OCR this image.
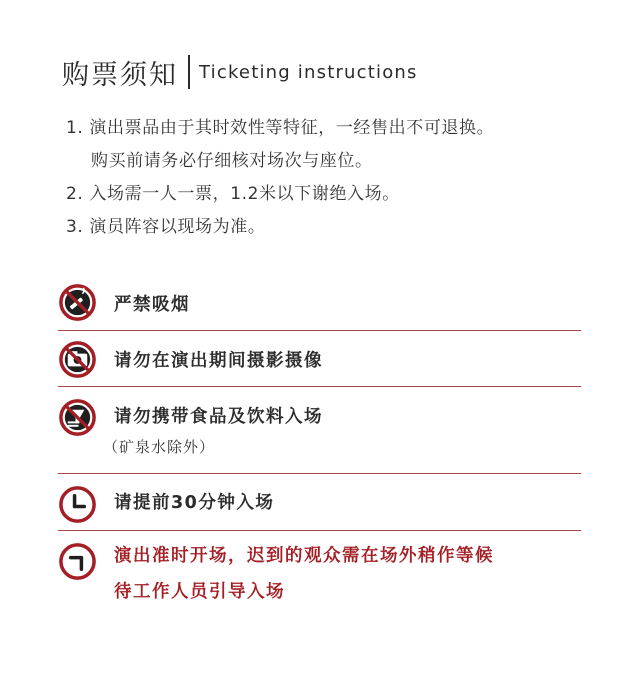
购票须知 Ticketing instructions
1. 演出票品由于其时效性等特征，一经售出不可退换。
购买前请务必仔细核对场次与座位。
2. 入场需一人一票，1.2米以下谢绝入场。
3. 演员阵容以现场为准。
严禁吸烟
请勿在演出期间摄影摄像
请勿携带食品及饮料入场
（矿泉水除外）
请提前30分钟入场
演出准时开场，迟到的观众需在场外稍作等候
待工作人员引导入场
